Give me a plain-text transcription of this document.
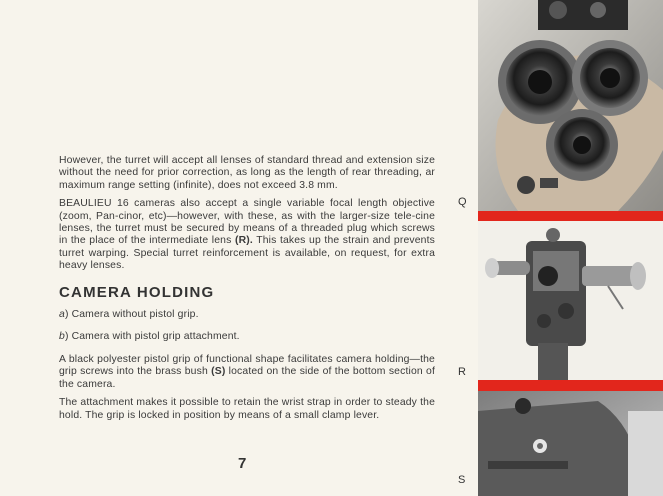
However, the turret will accept all lenses of standard thread and extension size without the need for prior correction, as long as the length of rear threading, ar maximum range setting (infinite), does not exceed 3.8 mm.

BEAULIEU 16 cameras also accept a single variable focal length objective (zoom, Pan-cinor, etc)—however, with these, as with the larger-size tele-cine lenses, the turret must be secured by means of a threaded plug which screws in the place of the intermediate lens (R). This takes up the strain and prevents turret warping. Special turret reinforcement is available, on request, for extra heavy lenses.

CAMERA HOLDING

a) Camera without pistol grip.

b) Camera with pistol grip attachment.

A black polyester pistol grip of functional shape facilitates camera holding—the grip screws into the brass bush (S) located on the side of the bottom section of the camera.

The attachment makes it possible to retain the wrist strap in order to steady the hold. The grip is locked in position by means of a small clamp lever.

7
Q
R
S
